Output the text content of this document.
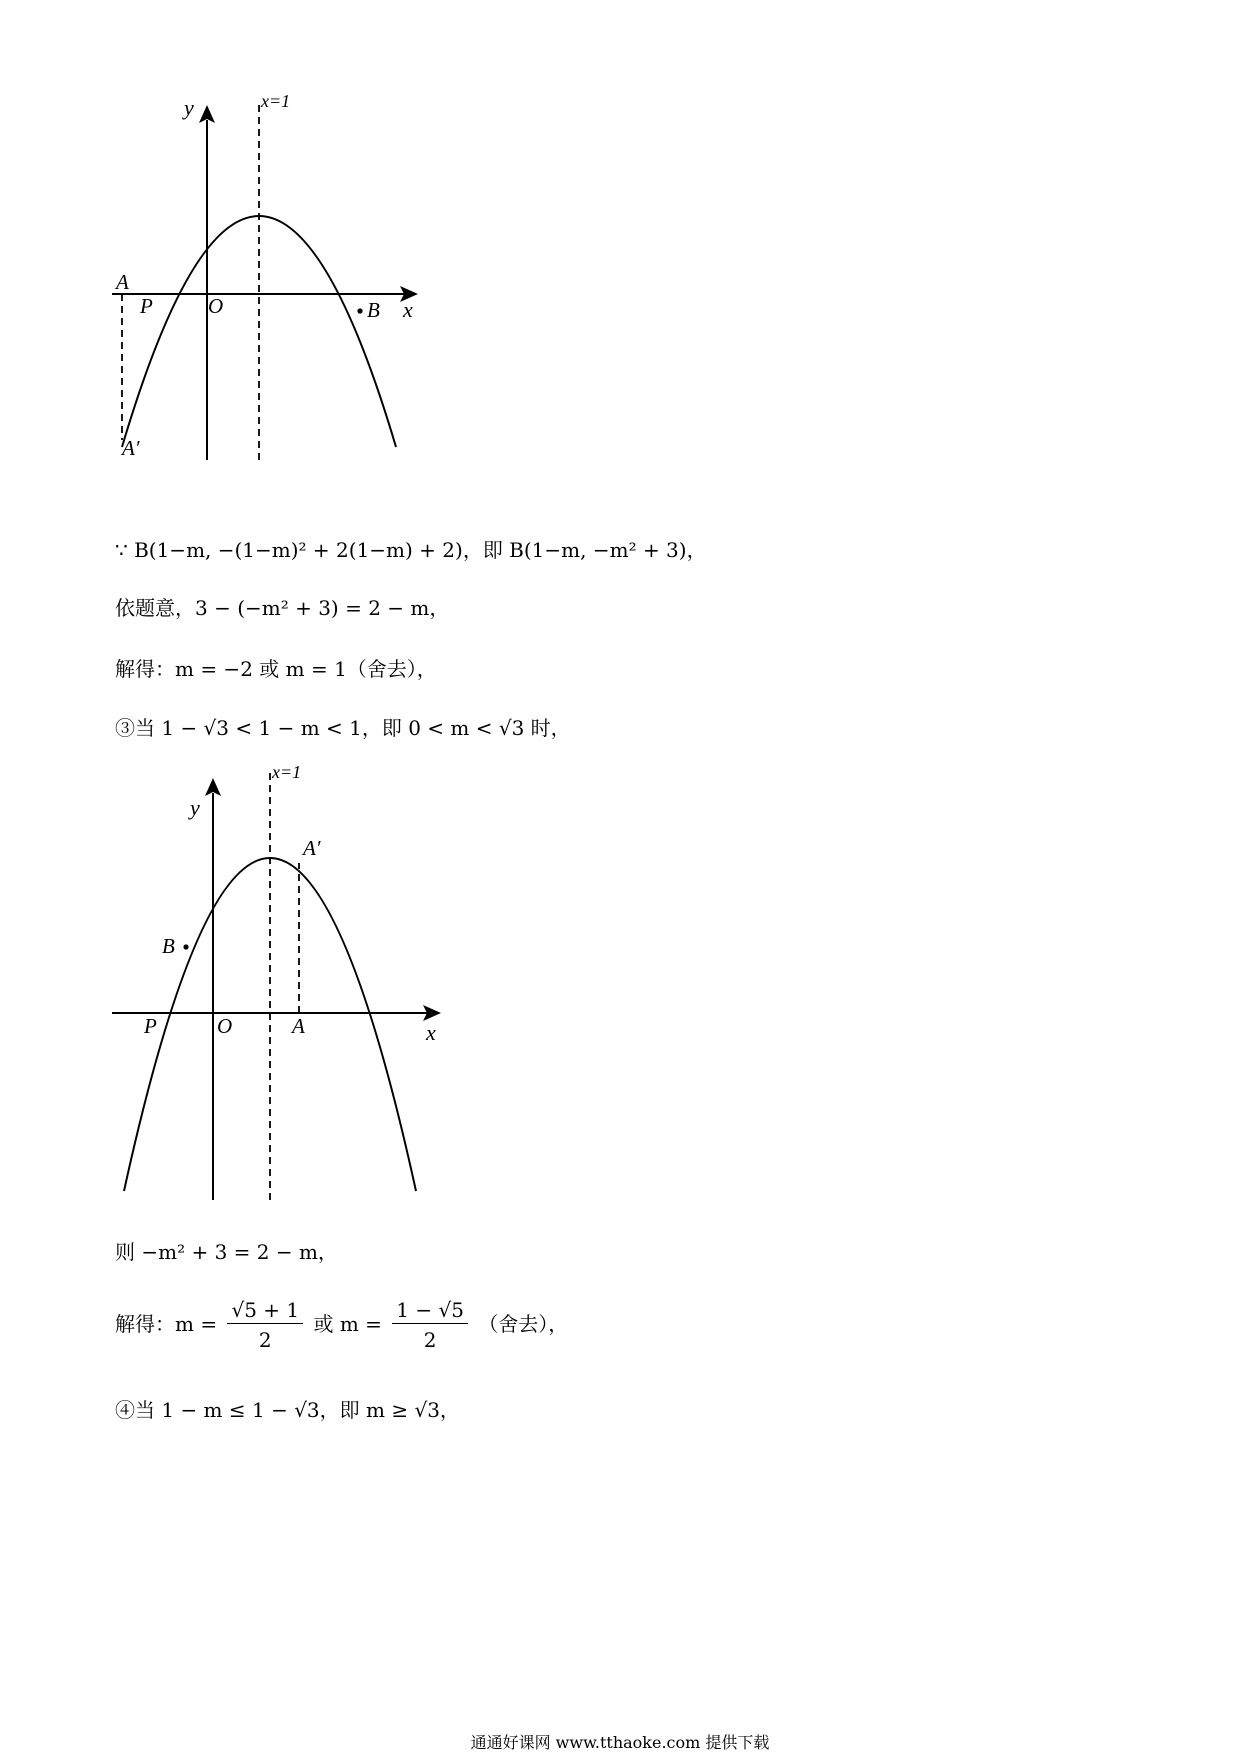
y
x
O
x=1
A
P	B
A′
∵ B(1−m, −(1−m)² + 2(1−m) + 2)，即 B(1−m, −m² + 3)，
依题意，3 − (−m² + 3) = 2 − m，
解得：m = −2 或 m = 1（舍去），
③当 1 − √3 < 1 − m < 1，即 0 < m < √3 时，
y
x
O
x=1
A
P
B
A′
则 −m² + 3 = 2 − m，
解得：$m = \frac{√5 + 1}{2}$ 或 $m = \frac{1 - √5}{2}$ （舍去），
④当 1 − m ≤ 1 − √3，即 m ≥ √3，
通通好课网 www.tthaoke.com 提供下载
